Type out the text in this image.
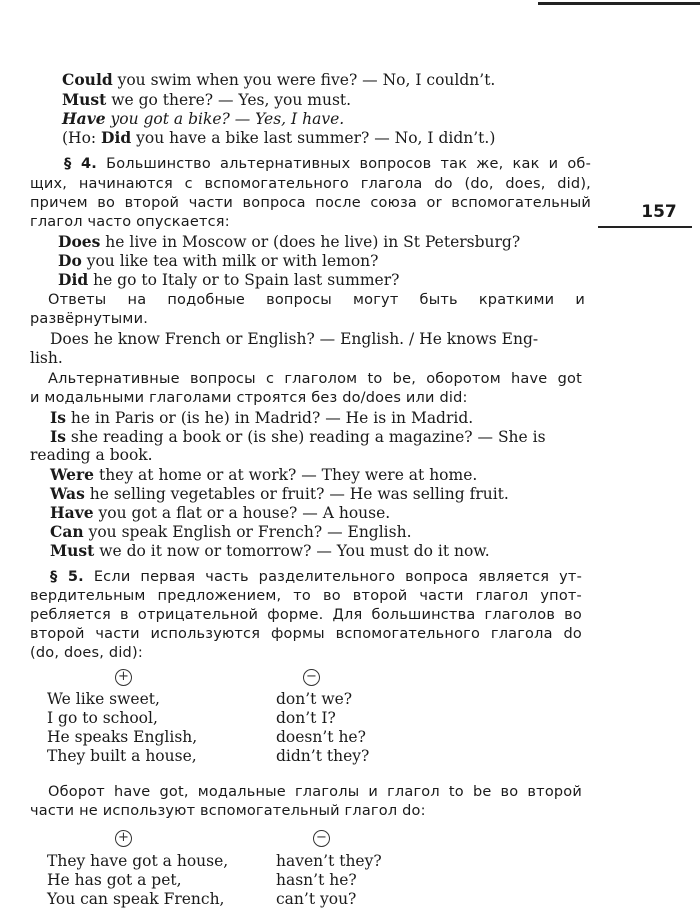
157
Could you swim when you were five? — No, I couldn’t.
Must we go there? — Yes, you must.
Have you got a bike? — Yes, I have.
(Ho: Did you have a bike last summer? — No, I didn’t.)
§ 4. Большинство альтернативных вопросов так же, как и об-
щих, начинаются с вспомогательного глагола do (do, does, did),
причем во второй части вопроса после союза or вспомогательный
глагол часто опускается:
Does he live in Moscow or (does he live) in St Petersburg?
Do you like tea with milk or with lemon?
Did he go to Italy or to Spain last summer?
Ответы на подобные вопросы могут быть краткими и
развёрнутыми.
Does he know French or English? — English. / He knows Eng-
lish.
Альтернативные вопросы с глаголом to be, оборотом have got
и модальными глаголами строятся без do/does или did:
Is he in Paris or (is he) in Madrid? — He is in Madrid.
Is she reading a book or (is she) reading a magazine? — She is
reading a book.
Were they at home or at work? — They were at home.
Was he selling vegetables or fruit? — He was selling fruit.
Have you got a flat or a house? — A house.
Can you speak English or French? — English.
Must we do it now or tomorrow? — You must do it now.
§ 5. Если первая часть разделительного вопроса является ут-
вердительным предложением, то во второй части глагол упот-
ребляется в отрицательной форме. Для большинства глаголов во
второй части используются формы вспомогательного глагола do
(do, does, did):
+	−
We like sweet,	don’t we?
I go to school,	don’t I?
He speaks English,	doesn’t he?
They built a house,	didn’t they?
Оборот have got, модальные глаголы и глагол to be во второй
части не используют вспомогательный глагол do:
+	−
They have got a house,	haven’t they?
He has got a pet,	hasn’t he?
You can speak French,	can’t you?
